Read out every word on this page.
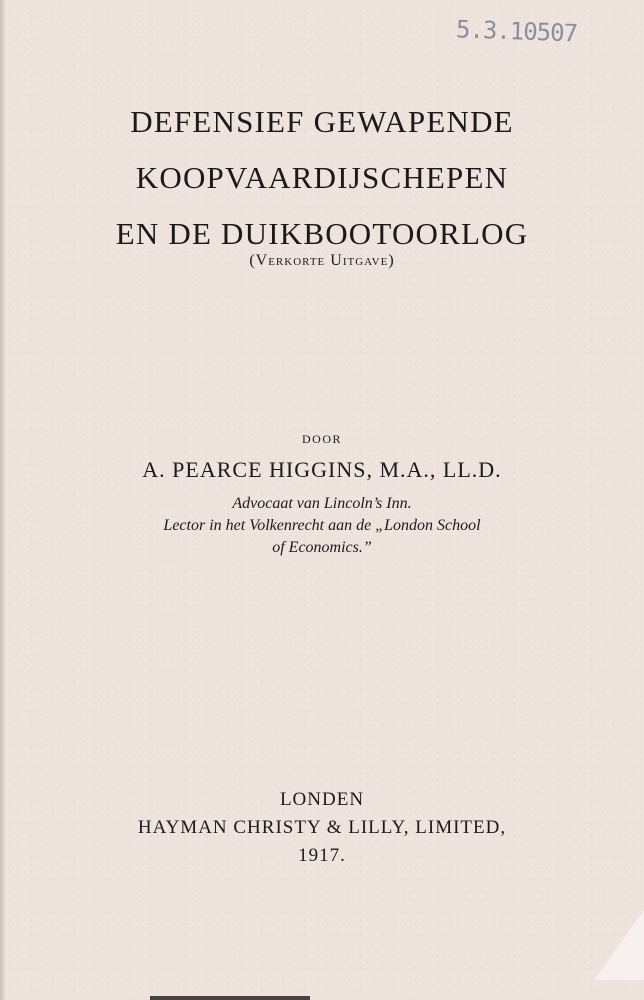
5.3.10507
DEFENSIEF GEWAPENDE
KOOPVAARDIJSCHEPEN
EN DE DUIKBOOTOORLOG
(Verkorte Uitgave)
DOOR
A. PEARCE HIGGINS, M.A., LL.D.
Advocaat van Lincoln’s Inn.
Lector in het Volkenrecht aan de „London School
of Economics.”
LONDEN
HAYMAN CHRISTY & LILLY, LIMITED,
1917.
